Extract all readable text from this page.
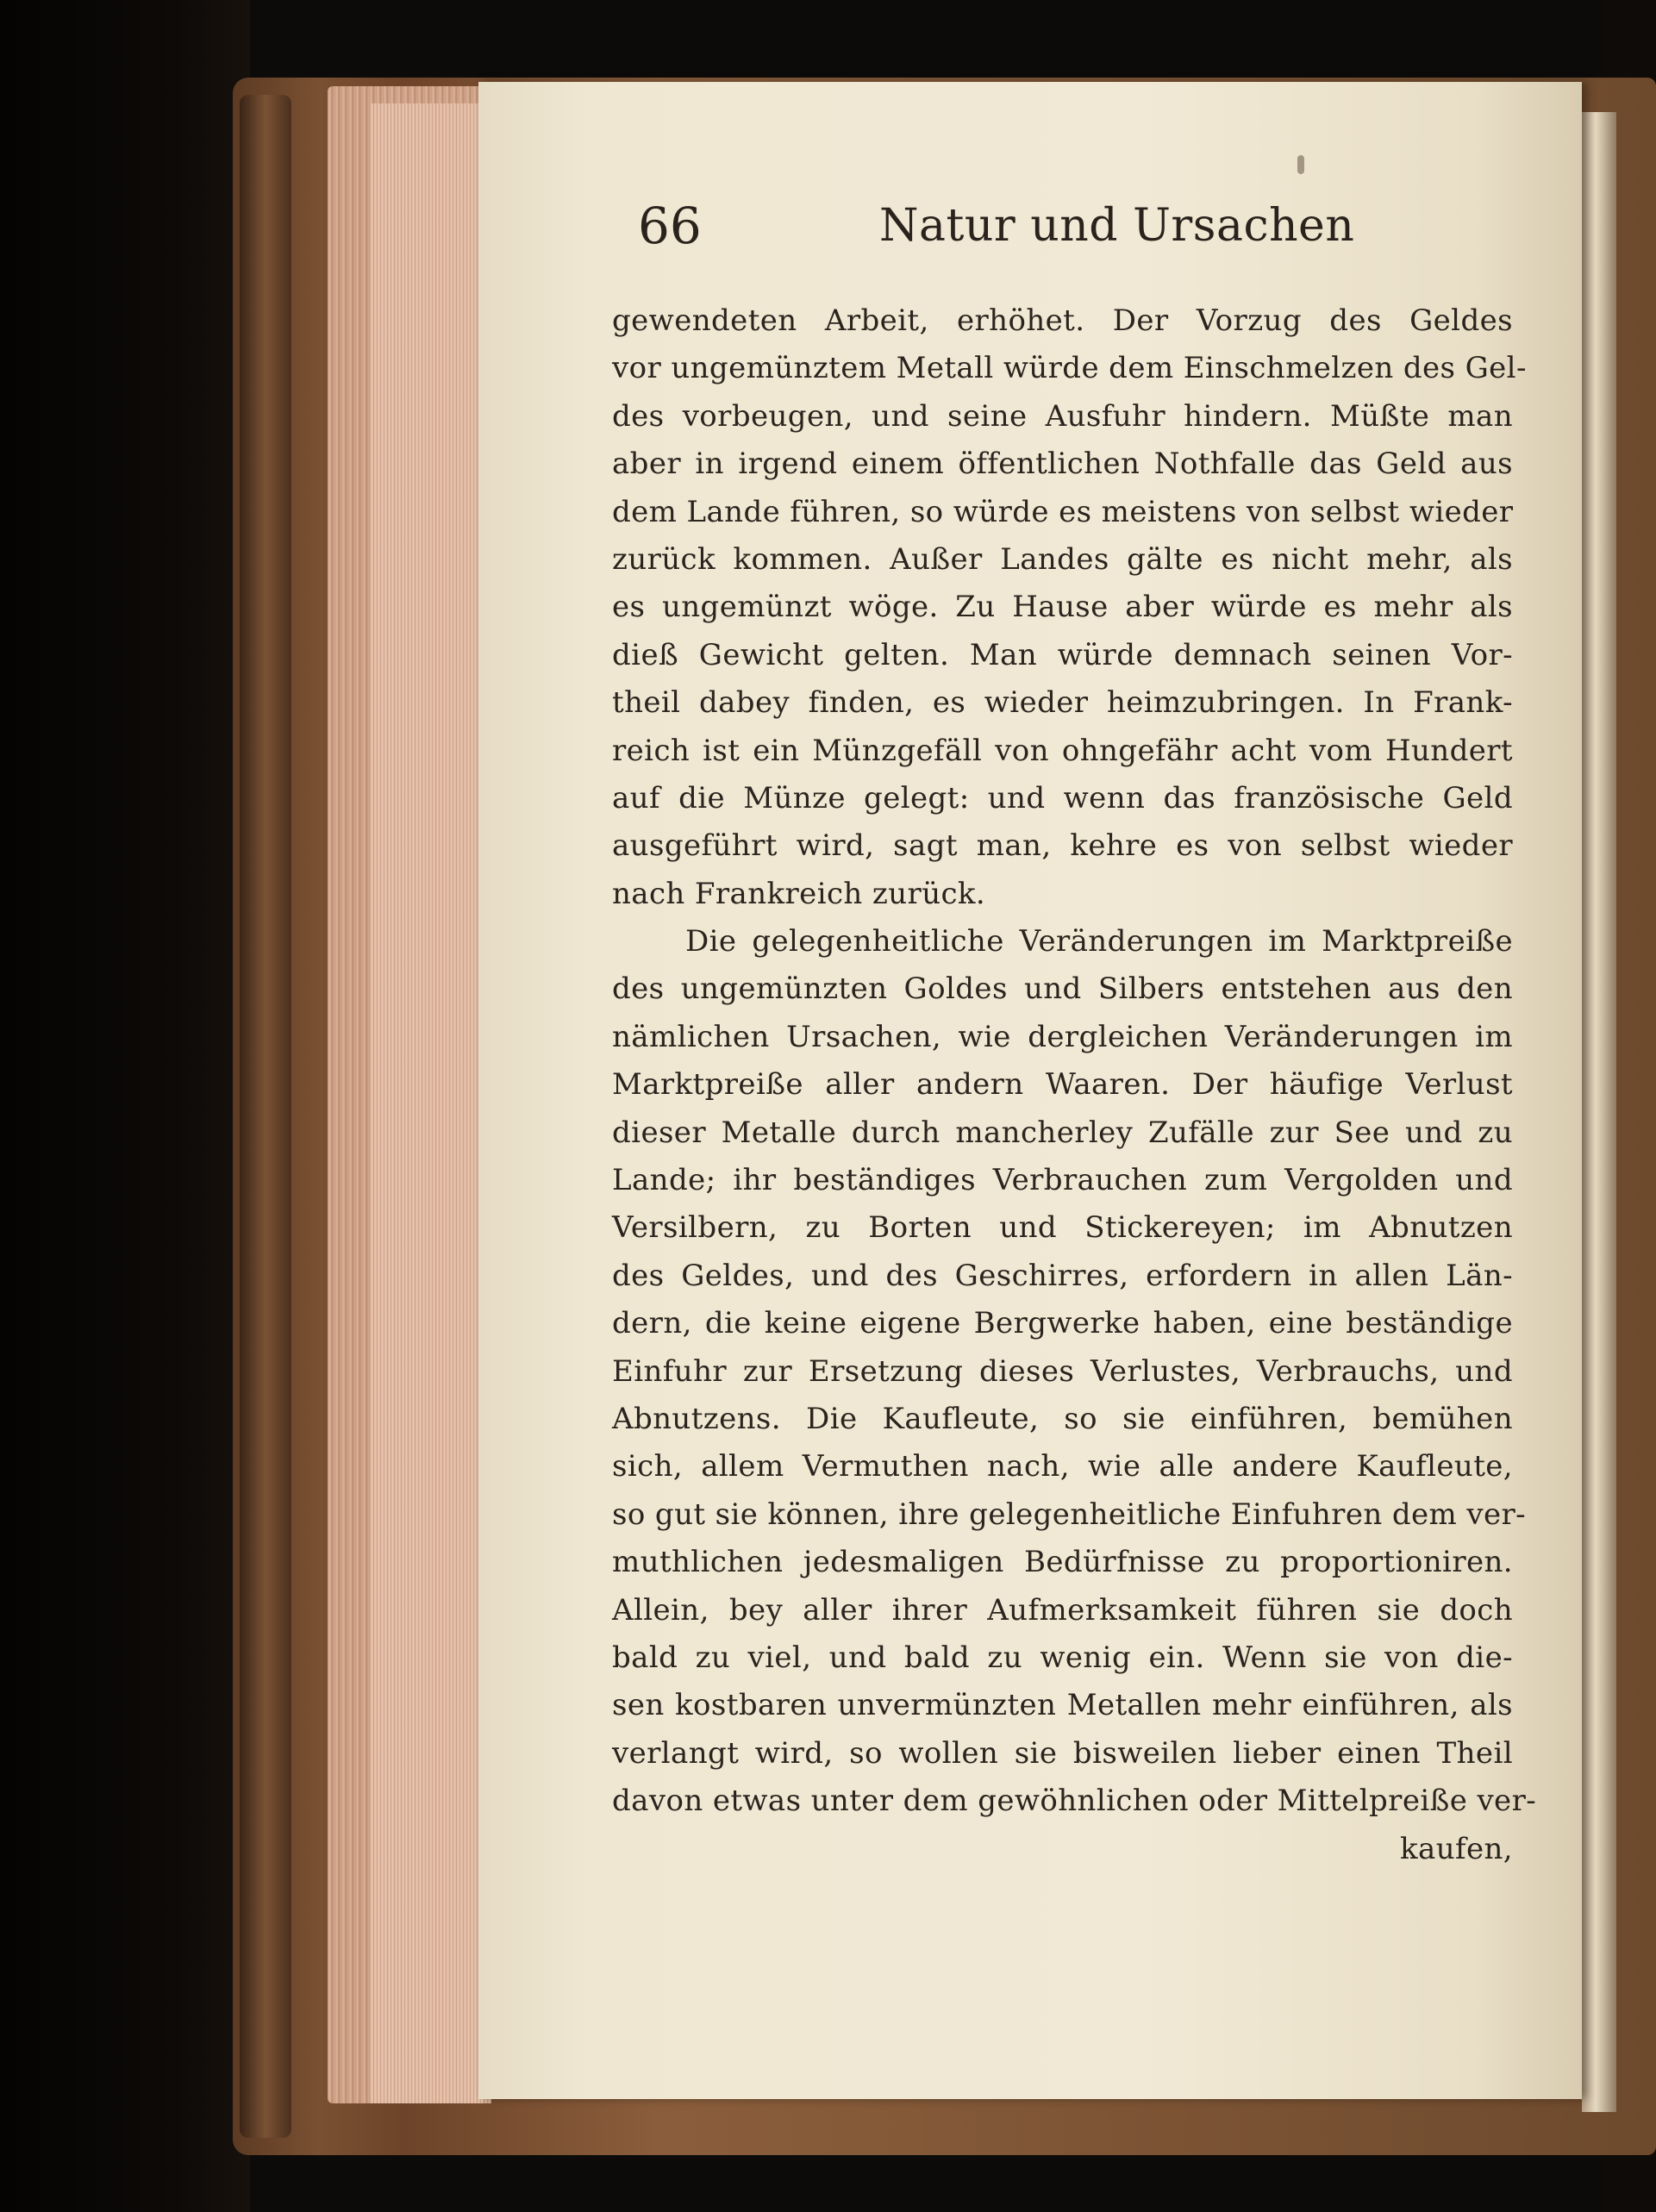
66	Natur und Ursachen
gewendeten Arbeit, erhöhet. Der Vorzug des Geldes
vor ungemünztem Metall würde dem Einschmelzen des Gel-
des vorbeugen, und seine Ausfuhr hindern. Müßte man
aber in irgend einem öffentlichen Nothfalle das Geld aus
dem Lande führen, so würde es meistens von selbst wieder
zurück kommen. Außer Landes gälte es nicht mehr, als
es ungemünzt wöge. Zu Hause aber würde es mehr als
dieß Gewicht gelten. Man würde demnach seinen Vor-
theil dabey finden, es wieder heimzubringen. In Frank-
reich ist ein Münzgefäll von ohngefähr acht vom Hundert
auf die Münze gelegt: und wenn das französische Geld
ausgeführt wird, sagt man, kehre es von selbst wieder
nach Frankreich zurück.
Die gelegenheitliche Veränderungen im Marktpreiße
des ungemünzten Goldes und Silbers entstehen aus den
nämlichen Ursachen, wie dergleichen Veränderungen im
Marktpreiße aller andern Waaren. Der häufige Verlust
dieser Metalle durch mancherley Zufälle zur See und zu
Lande; ihr beständiges Verbrauchen zum Vergolden und
Versilbern, zu Borten und Stickereyen; im Abnutzen
des Geldes, und des Geschirres, erfordern in allen Län-
dern, die keine eigene Bergwerke haben, eine beständige
Einfuhr zur Ersetzung dieses Verlustes, Verbrauchs, und
Abnutzens. Die Kaufleute, so sie einführen, bemühen
sich, allem Vermuthen nach, wie alle andere Kaufleute,
so gut sie können, ihre gelegenheitliche Einfuhren dem ver-
muthlichen jedesmaligen Bedürfnisse zu proportioniren.
Allein, bey aller ihrer Aufmerksamkeit führen sie doch
bald zu viel, und bald zu wenig ein. Wenn sie von die-
sen kostbaren unvermünzten Metallen mehr einführen, als
verlangt wird, so wollen sie bisweilen lieber einen Theil
davon etwas unter dem gewöhnlichen oder Mittelpreiße ver-
kaufen,
